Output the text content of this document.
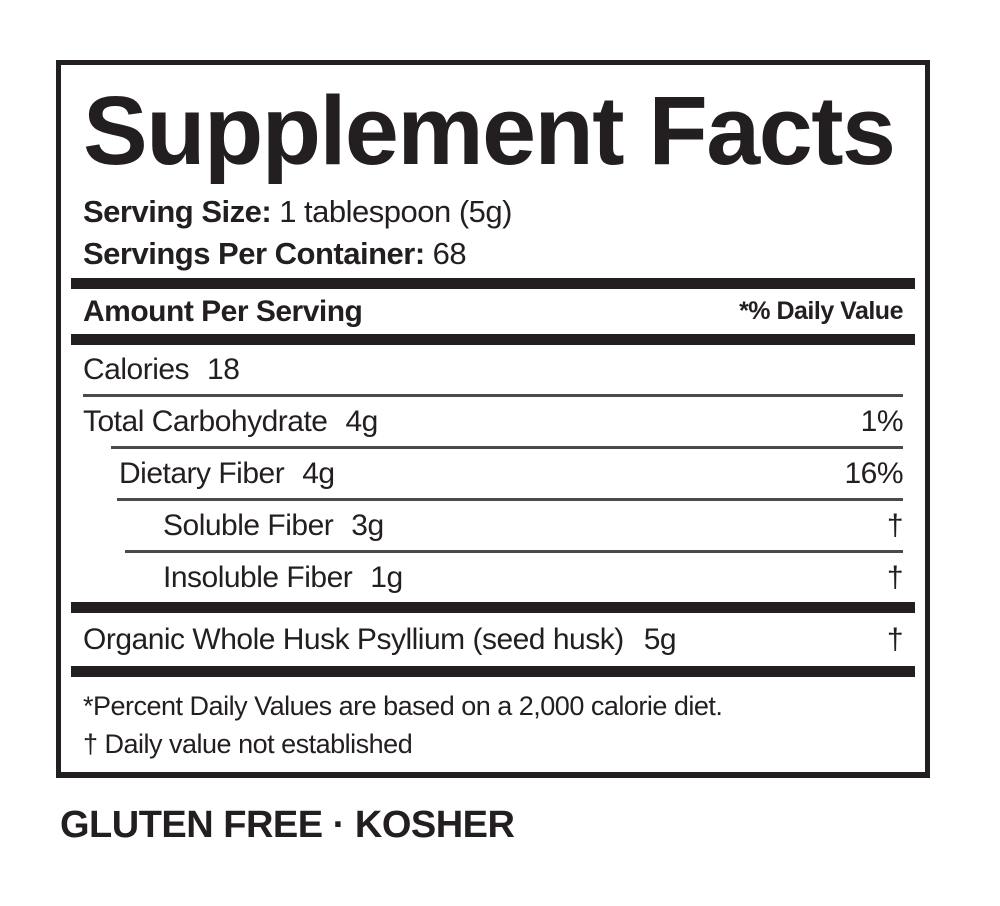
Supplement Facts
Serving Size: 1 tablespoon (5g)
Servings Per Container: 68
Amount Per Serving	*% Daily Value
Calories 18
Total Carbohydrate 4g	1%
Dietary Fiber 4g	16%
Soluble Fiber 3g	†
Insoluble Fiber 1g	†
Organic Whole Husk Psyllium (seed husk) 5g	†
*Percent Daily Values are based on a 2,000 calorie diet.
† Daily value not established
GLUTEN FREE · KOSHER
